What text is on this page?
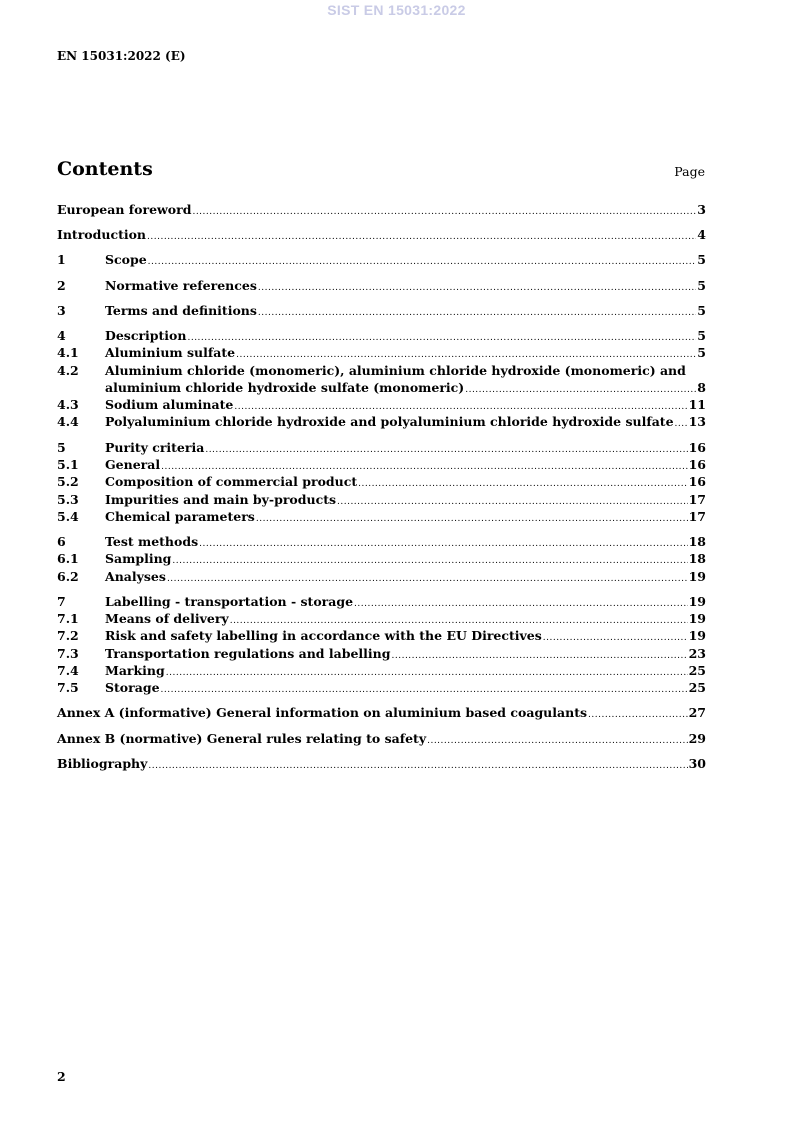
SIST EN 15031:2022
EN 15031:2022 (E)
Contents	Page
European foreword .....	3
Introduction .....	4
1	Scope .....	5
2	Normative references .....	5
3	Terms and definitions .....	5
4	Description .....	5
4.1	Aluminium sulfate .....	5
4.2	Aluminium chloride (monomeric), aluminium chloride hydroxide (monomeric) and
aluminium chloride hydroxide sulfate (monomeric) .....	8
4.3	Sodium aluminate .....	11
4.4	Polyaluminium chloride hydroxide and polyaluminium chloride hydroxide sulfate ..... 13
5	Purity criteria .....	16
5.1	General .....	16
5.2	Composition of commercial product .....	16
5.3	Impurities and main by-products .....	17
5.4	Chemical parameters .....	17
6	Test methods .....	18
6.1	Sampling .....	18
6.2	Analyses .....	19
7	Labelling - transportation - storage .....	19
7.1	Means of delivery .....	19
7.2	Risk and safety labelling in accordance with the EU Directives .....	19
7.3	Transportation regulations and labelling .....	23
7.4	Marking .....	25
7.5	Storage .....	25
Annex A (informative) General information on aluminium based coagulants .....	27
Annex B (normative) General rules relating to safety .....	29
Bibliography .....	30
2
